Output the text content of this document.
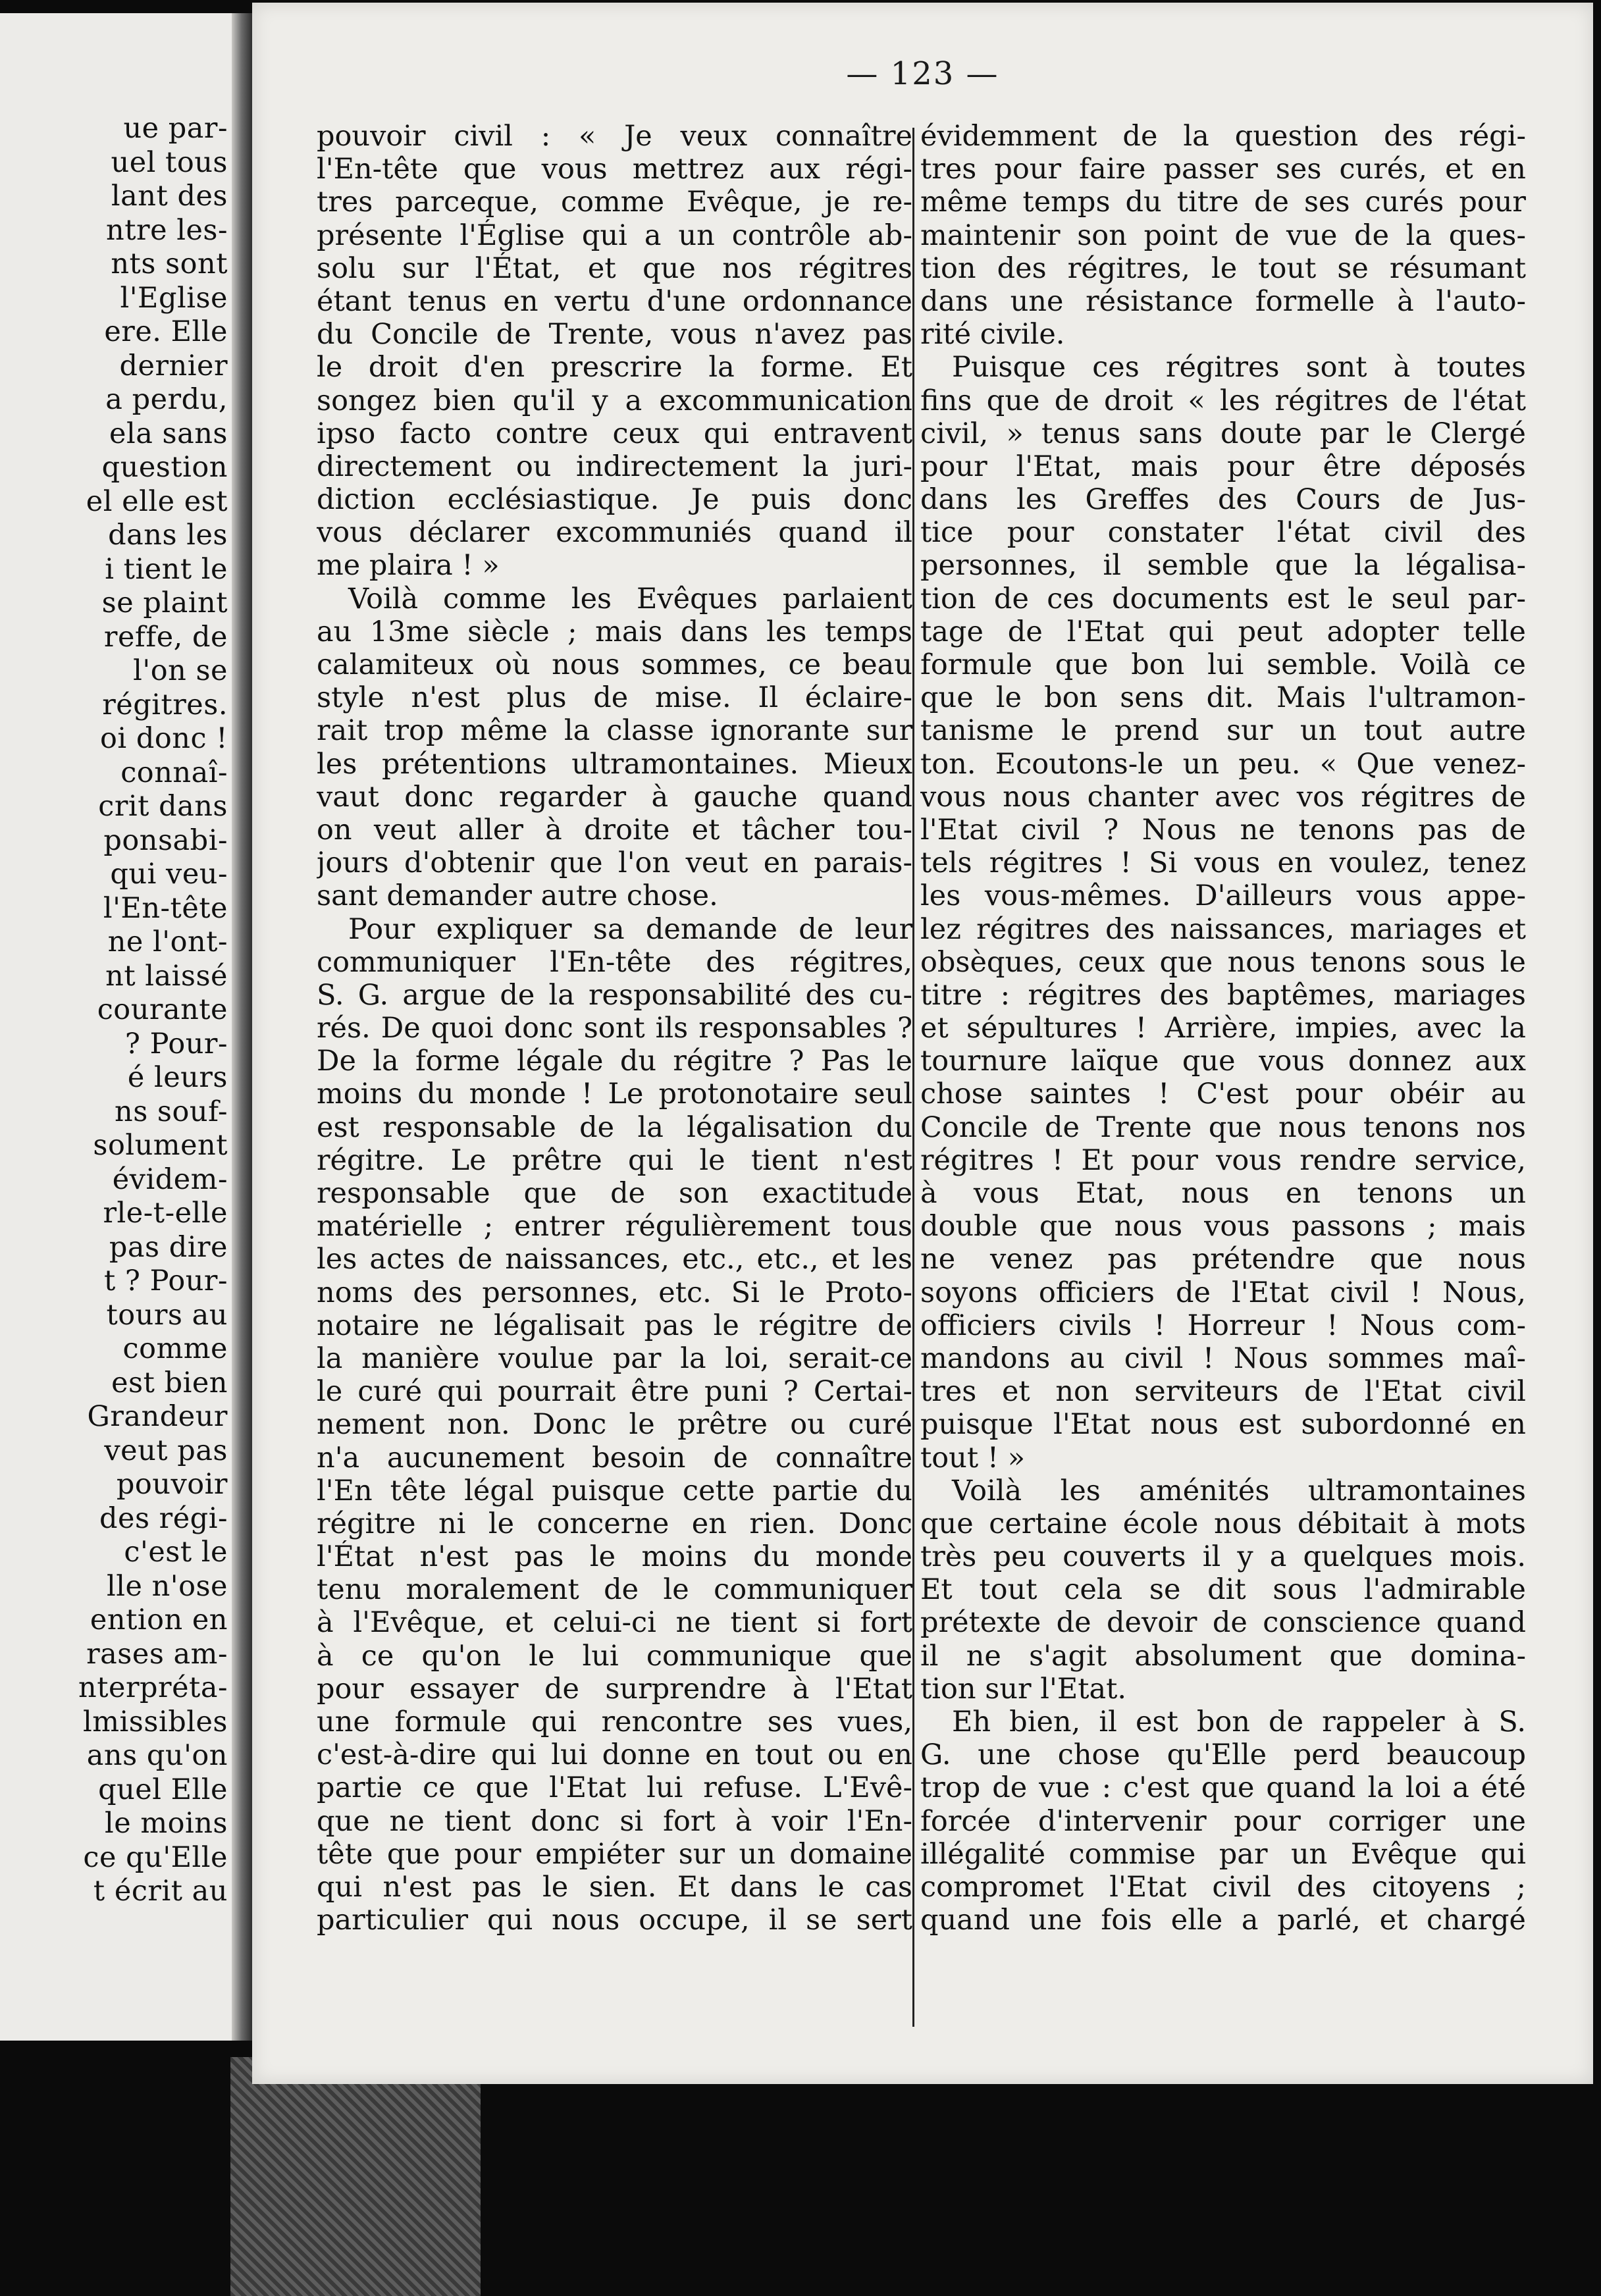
ue par-
uel tous
lant des
ntre les-
nts sont
l'Eglise
ere. Elle
dernier
a perdu,
ela sans
question
el elle est
dans les
i tient le
se plaint
reffe, de
l'on se
régitres.
oi donc !
connaî-
crit dans
ponsabi-
qui veu-
l'En-tête
ne l'ont-
nt laissé
courante
? Pour-
é leurs
ns souf-
solument
évidem-
rle-t-elle
pas dire
t ? Pour-
tours au
comme
est bien
Grandeur
veut pas
pouvoir
des régi-
c'est le
lle n'ose
ention en
rases am-
nterpréta-
lmissibles
ans qu'on
quel Elle
le moins
ce qu'Elle
t écrit au
— 123 —
pouvoir civil : « Je veux connaître
l'En-tête que vous mettrez aux régi-
tres parceque, comme Evêque, je re-
présente l'Église qui a un contrôle ab-
solu sur l'État, et que nos régitres
étant tenus en vertu d'une ordonnance
du Concile de Trente, vous n'avez pas
le droit d'en prescrire la forme. Et
songez bien qu'il y a excommunication
ipso facto contre ceux qui entravent
directement ou indirectement la juri-
diction ecclésiastique. Je puis donc
vous déclarer excommuniés quand il
me plaira ! »
Voilà comme les Evêques parlaient
au 13me siècle ; mais dans les temps
calamiteux où nous sommes, ce beau
style n'est plus de mise. Il éclaire-
rait trop même la classe ignorante sur
les prétentions ultramontaines. Mieux
vaut donc regarder à gauche quand
on veut aller à droite et tâcher tou-
jours d'obtenir que l'on veut en parais-
sant demander autre chose.
Pour expliquer sa demande de leur
communiquer l'En-tête des régitres,
S. G. argue de la responsabilité des cu-
rés. De quoi donc sont ils responsables ?
De la forme légale du régitre ? Pas le
moins du monde ! Le protonotaire seul
est responsable de la légalisation du
régitre. Le prêtre qui le tient n'est
responsable que de son exactitude
matérielle ; entrer régulièrement tous
les actes de naissances, etc., etc., et les
noms des personnes, etc. Si le Proto-
notaire ne légalisait pas le régitre de
la manière voulue par la loi, serait-ce
le curé qui pourrait être puni ? Certai-
nement non. Donc le prêtre ou curé
n'a aucunement besoin de connaître
l'En tête légal puisque cette partie du
régitre ni le concerne en rien. Donc
l'État n'est pas le moins du monde
tenu moralement de le communiquer
à l'Evêque, et celui-ci ne tient si fort
à ce qu'on le lui communique que
pour essayer de surprendre à l'Etat
une formule qui rencontre ses vues,
c'est-à-dire qui lui donne en tout ou en
partie ce que l'Etat lui refuse. L'Evê-
que ne tient donc si fort à voir l'En-
tête que pour empiéter sur un domaine
qui n'est pas le sien. Et dans le cas
particulier qui nous occupe, il se sert
évidemment de la question des régi-
tres pour faire passer ses curés, et en
même temps du titre de ses curés pour
maintenir son point de vue de la ques-
tion des régitres, le tout se résumant
dans une résistance formelle à l'auto-
rité civile.
Puisque ces régitres sont à toutes
fins que de droit « les régitres de l'état
civil, » tenus sans doute par le Clergé
pour l'Etat, mais pour être déposés
dans les Greffes des Cours de Jus-
tice pour constater l'état civil des
personnes, il semble que la légalisa-
tion de ces documents est le seul par-
tage de l'Etat qui peut adopter telle
formule que bon lui semble. Voilà ce
que le bon sens dit. Mais l'ultramon-
tanisme le prend sur un tout autre
ton. Ecoutons-le un peu. « Que venez-
vous nous chanter avec vos régitres de
l'Etat civil ? Nous ne tenons pas de
tels régitres ! Si vous en voulez, tenez
les vous-mêmes. D'ailleurs vous appe-
lez régitres des naissances, mariages et
obsèques, ceux que nous tenons sous le
titre : régitres des baptêmes, mariages
et sépultures ! Arrière, impies, avec la
tournure laïque que vous donnez aux
chose saintes ! C'est pour obéir au
Concile de Trente que nous tenons nos
régitres ! Et pour vous rendre service,
à vous Etat, nous en tenons un
double que nous vous passons ; mais
ne venez pas prétendre que nous
soyons officiers de l'Etat civil ! Nous,
officiers civils ! Horreur ! Nous com-
mandons au civil ! Nous sommes maî-
tres et non serviteurs de l'Etat civil
puisque l'Etat nous est subordonné en
tout ! »
Voilà les aménités ultramontaines
que certaine école nous débitait à mots
très peu couverts il y a quelques mois.
Et tout cela se dit sous l'admirable
prétexte de devoir de conscience quand
il ne s'agit absolument que domina-
tion sur l'Etat.
Eh bien, il est bon de rappeler à S.
G. une chose qu'Elle perd beaucoup
trop de vue : c'est que quand la loi a été
forcée d'intervenir pour corriger une
illégalité commise par un Evêque qui
compromet l'Etat civil des citoyens ;
quand une fois elle a parlé, et chargé
